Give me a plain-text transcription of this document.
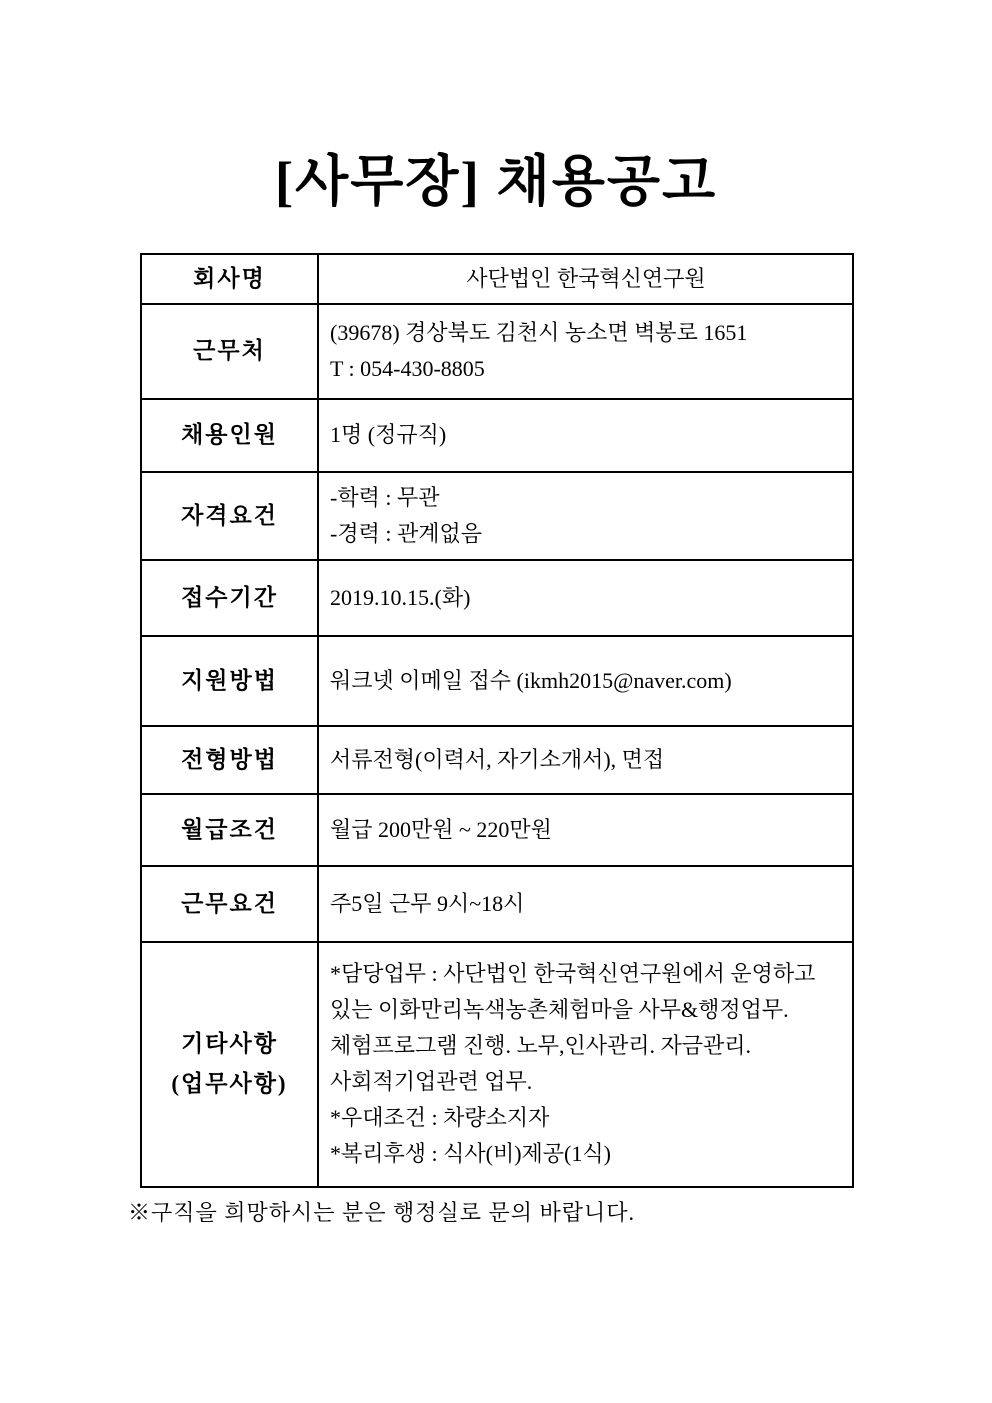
[사무장] 채용공고
회사명	사단법인 한국혁신연구원

근무처	(39678) 경상북도 김천시 농소면 벽봉로 1651
T : 054-430-8805

채용인원	1명 (정규직)

자격요건	-학력 : 무관
-경력 : 관계없음

접수기간	2019.10.15.(화)

지원방법	워크넷 이메일 접수 (ikmh2015@naver.com)

전형방법	서류전형(이력서, 자기소개서), 면접

월급조건	월급 200만원 ~ 220만원

근무요건	주5일 근무 9시~18시

기타사항
(업무사항)

*담당업무 : 사단법인 한국혁신연구원에서 운영하고
있는 이화만리녹색농촌체험마을 사무&행정업무.
체험프로그램 진행. 노무,인사관리. 자금관리.
사회적기업관련 업무.
*우대조건 : 차량소지자
*복리후생 : 식사(비)제공(1식)
※구직을 희망하시는 분은 행정실로 문의 바랍니다.
